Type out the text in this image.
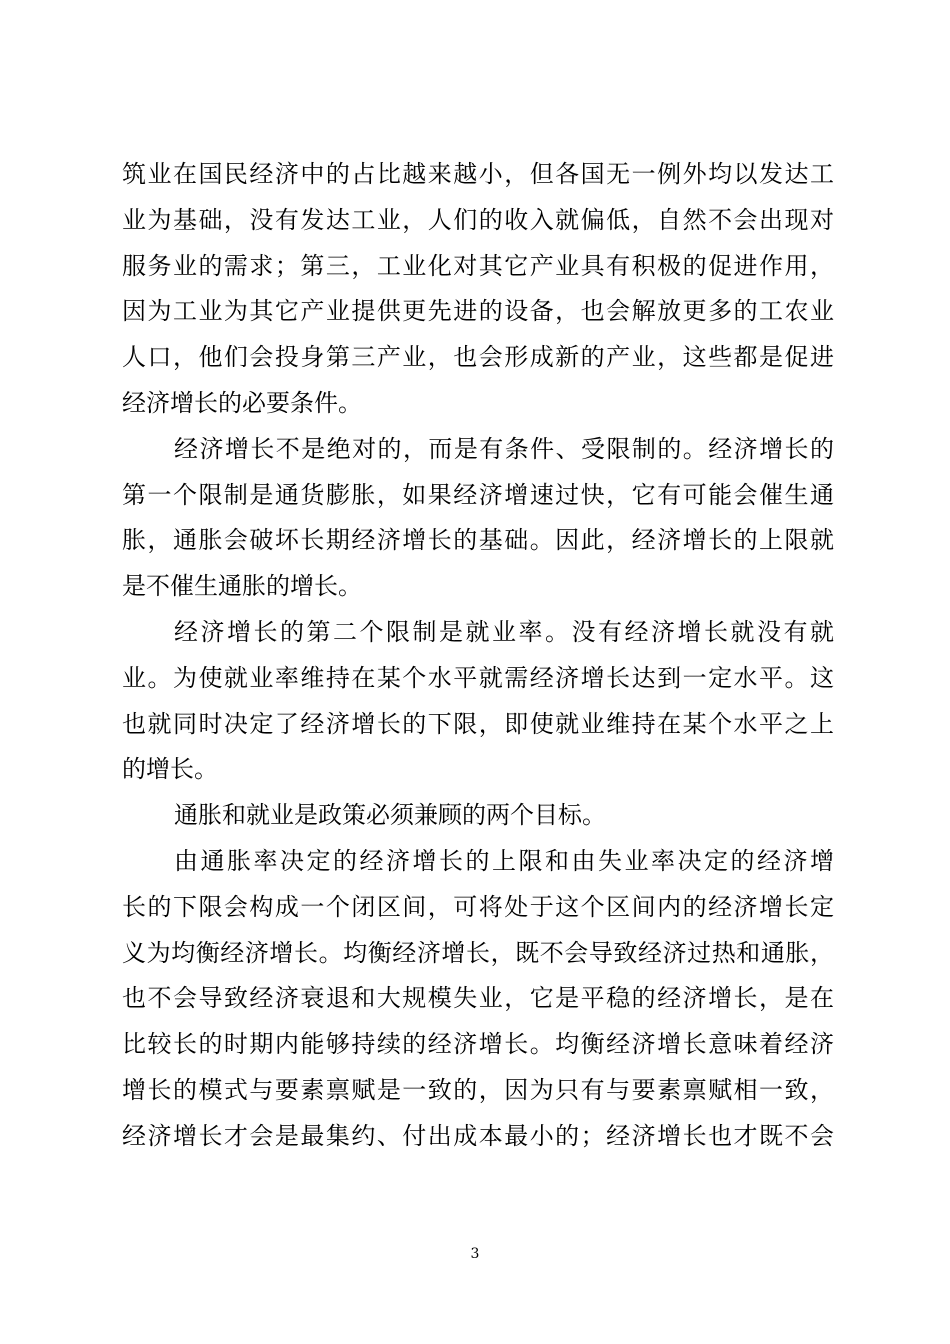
筑业在国民经济中的占比越来越小，但各国无一例外均以发达工
业为基础，没有发达工业，人们的收入就偏低，自然不会出现对
服务业的需求；第三，工业化对其它产业具有积极的促进作用，
因为工业为其它产业提供更先进的设备，也会解放更多的工农业
人口，他们会投身第三产业，也会形成新的产业，这些都是促进
经济增长的必要条件。
经济增长不是绝对的，而是有条件、受限制的。经济增长的
第一个限制是通货膨胀，如果经济增速过快，它有可能会催生通
胀，通胀会破坏长期经济增长的基础。因此，经济增长的上限就
是不催生通胀的增长。
经济增长的第二个限制是就业率。没有经济增长就没有就
业。为使就业率维持在某个水平就需经济增长达到一定水平。这
也就同时决定了经济增长的下限，即使就业维持在某个水平之上
的增长。
通胀和就业是政策必须兼顾的两个目标。
由通胀率决定的经济增长的上限和由失业率决定的经济增
长的下限会构成一个闭区间，可将处于这个区间内的经济增长定
义为均衡经济增长。均衡经济增长，既不会导致经济过热和通胀，
也不会导致经济衰退和大规模失业，它是平稳的经济增长，是在
比较长的时期内能够持续的经济增长。均衡经济增长意味着经济
增长的模式与要素禀赋是一致的，因为只有与要素禀赋相一致，
经济增长才会是最集约、付出成本最小的；经济增长也才既不会
3
